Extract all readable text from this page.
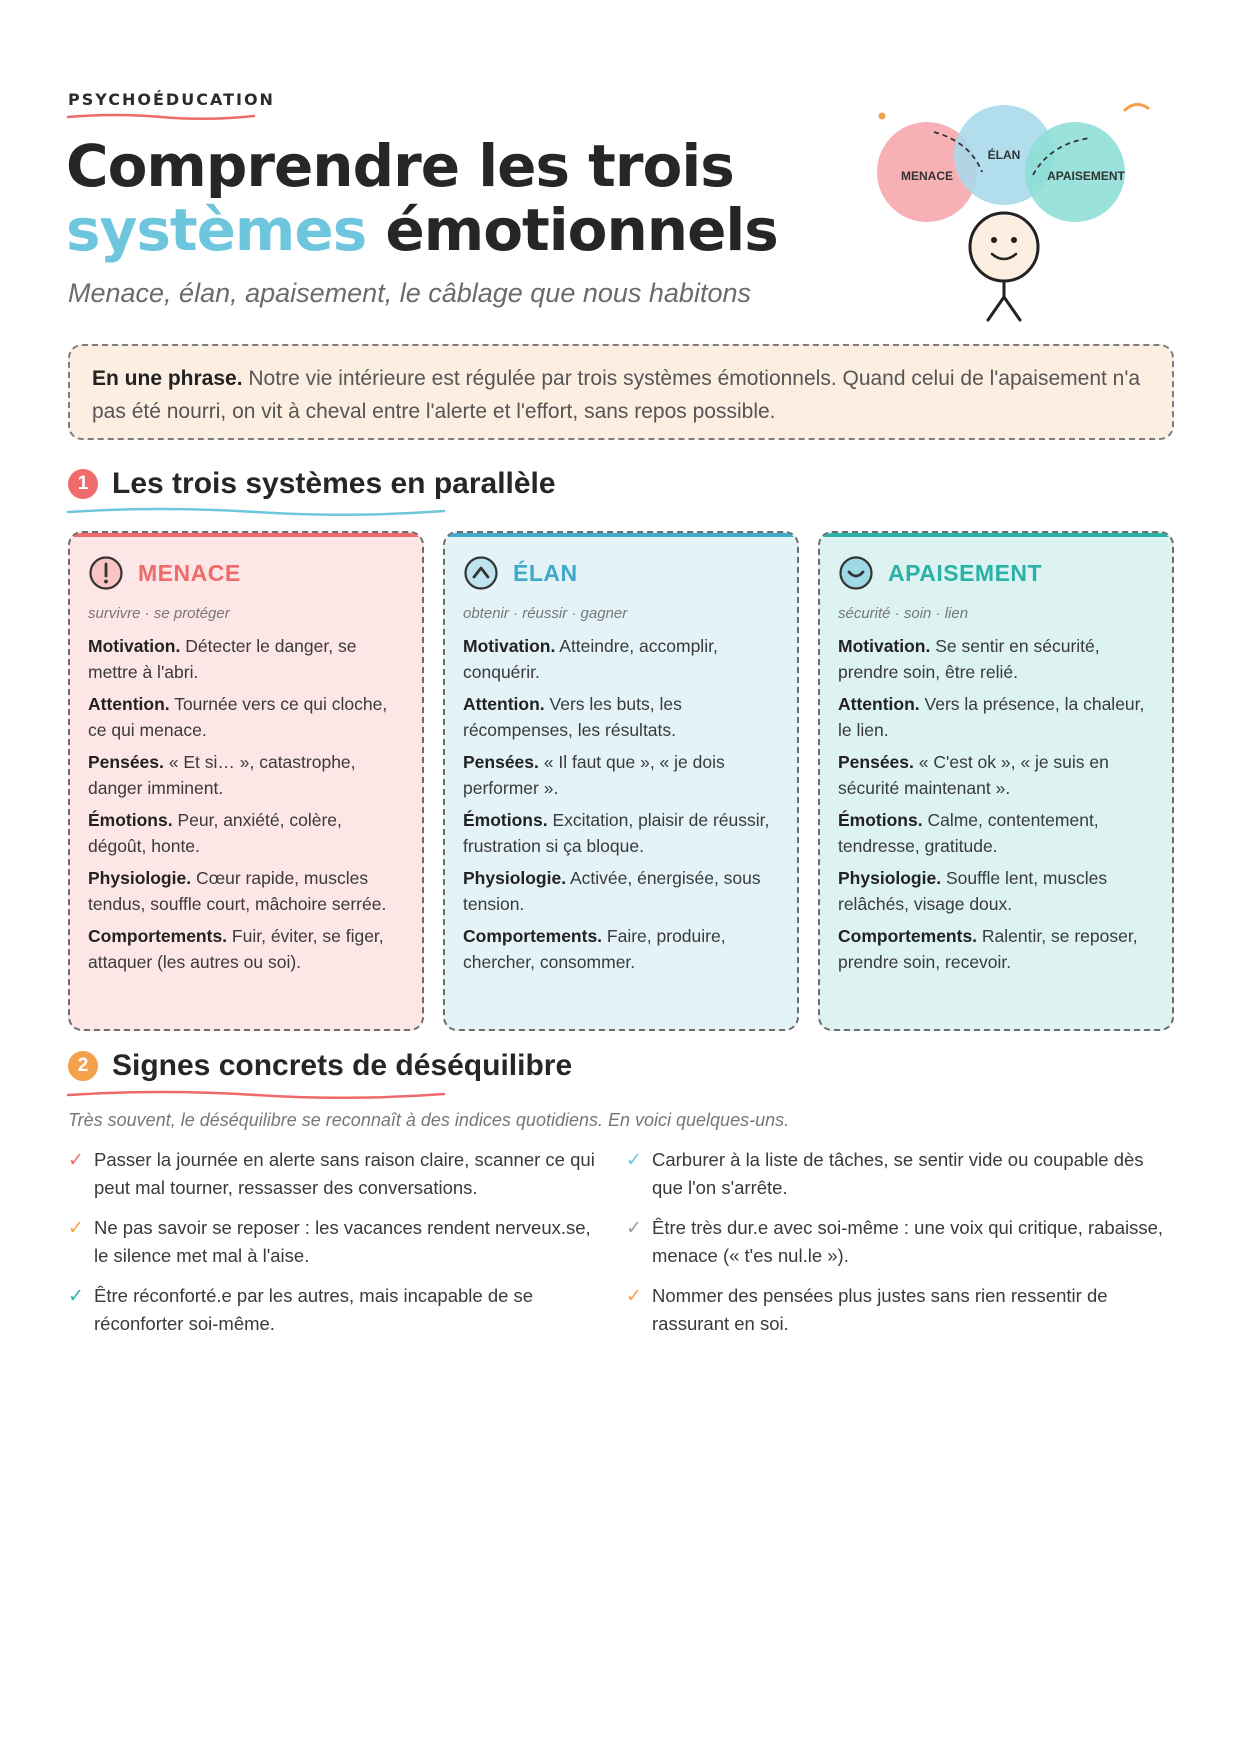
PSYCHOÉDUCATION
Comprendre les trois
systèmes émotionnels
Menace, élan, apaisement, le câblage que nous habitons
MENACE
ÉLAN
APAISEMENT
En une phrase. Notre vie intérieure est régulée par trois systèmes émotionnels. Quand celui de l'apaisement n'a pas été nourri, on vit à cheval entre l'alerte et l'effort, sans repos possible.
1 Les trois systèmes en parallèle
MENACE
survivre · se protéger

Motivation. Détecter le danger, se mettre à l'abri.

Attention. Tournée vers ce qui cloche, ce qui menace.

Pensées. « Et si… », catastrophe, danger imminent.

Émotions. Peur, anxiété, colère, dégoût, honte.

Physiologie. Cœur rapide, muscles tendus, souffle court, mâchoire serrée.

Comportements. Fuir, éviter, se figer, attaquer (les autres ou soi).

ÉLAN
obtenir · réussir · gagner

Motivation. Atteindre, accomplir, conquérir.

Attention. Vers les buts, les récompenses, les résultats.

Pensées. « Il faut que », « je dois performer ».

Émotions. Excitation, plaisir de réussir, frustration si ça bloque.

Physiologie. Activée, énergisée, sous tension.

Comportements. Faire, produire, chercher, consommer.

APAISEMENT
sécurité · soin · lien

Motivation. Se sentir en sécurité, prendre soin, être relié.

Attention. Vers la présence, la chaleur, le lien.

Pensées. « C'est ok », « je suis en sécurité maintenant ».

Émotions. Calme, contentement, tendresse, gratitude.

Physiologie. Souffle lent, muscles relâchés, visage doux.

Comportements. Ralentir, se reposer, prendre soin, recevoir.

2 Signes concrets de déséquilibre
Très souvent, le déséquilibre se reconnaît à des indices quotidiens. En voici quelques-uns.
✓ Passer la journée en alerte sans raison claire, scanner ce qui peut mal tourner, ressasser des conversations.
✓ Carburer à la liste de tâches, se sentir vide ou coupable dès que l'on s'arrête.
✓ Ne pas savoir se reposer : les vacances rendent nerveux.se, le silence met mal à l'aise.
✓ Être très dur.e avec soi-même : une voix qui critique, rabaisse, menace (« t'es nul.le »).
✓ Être réconforté.e par les autres, mais incapable de se réconforter soi-même.
✓ Nommer des pensées plus justes sans rien ressentir de rassurant en soi.
